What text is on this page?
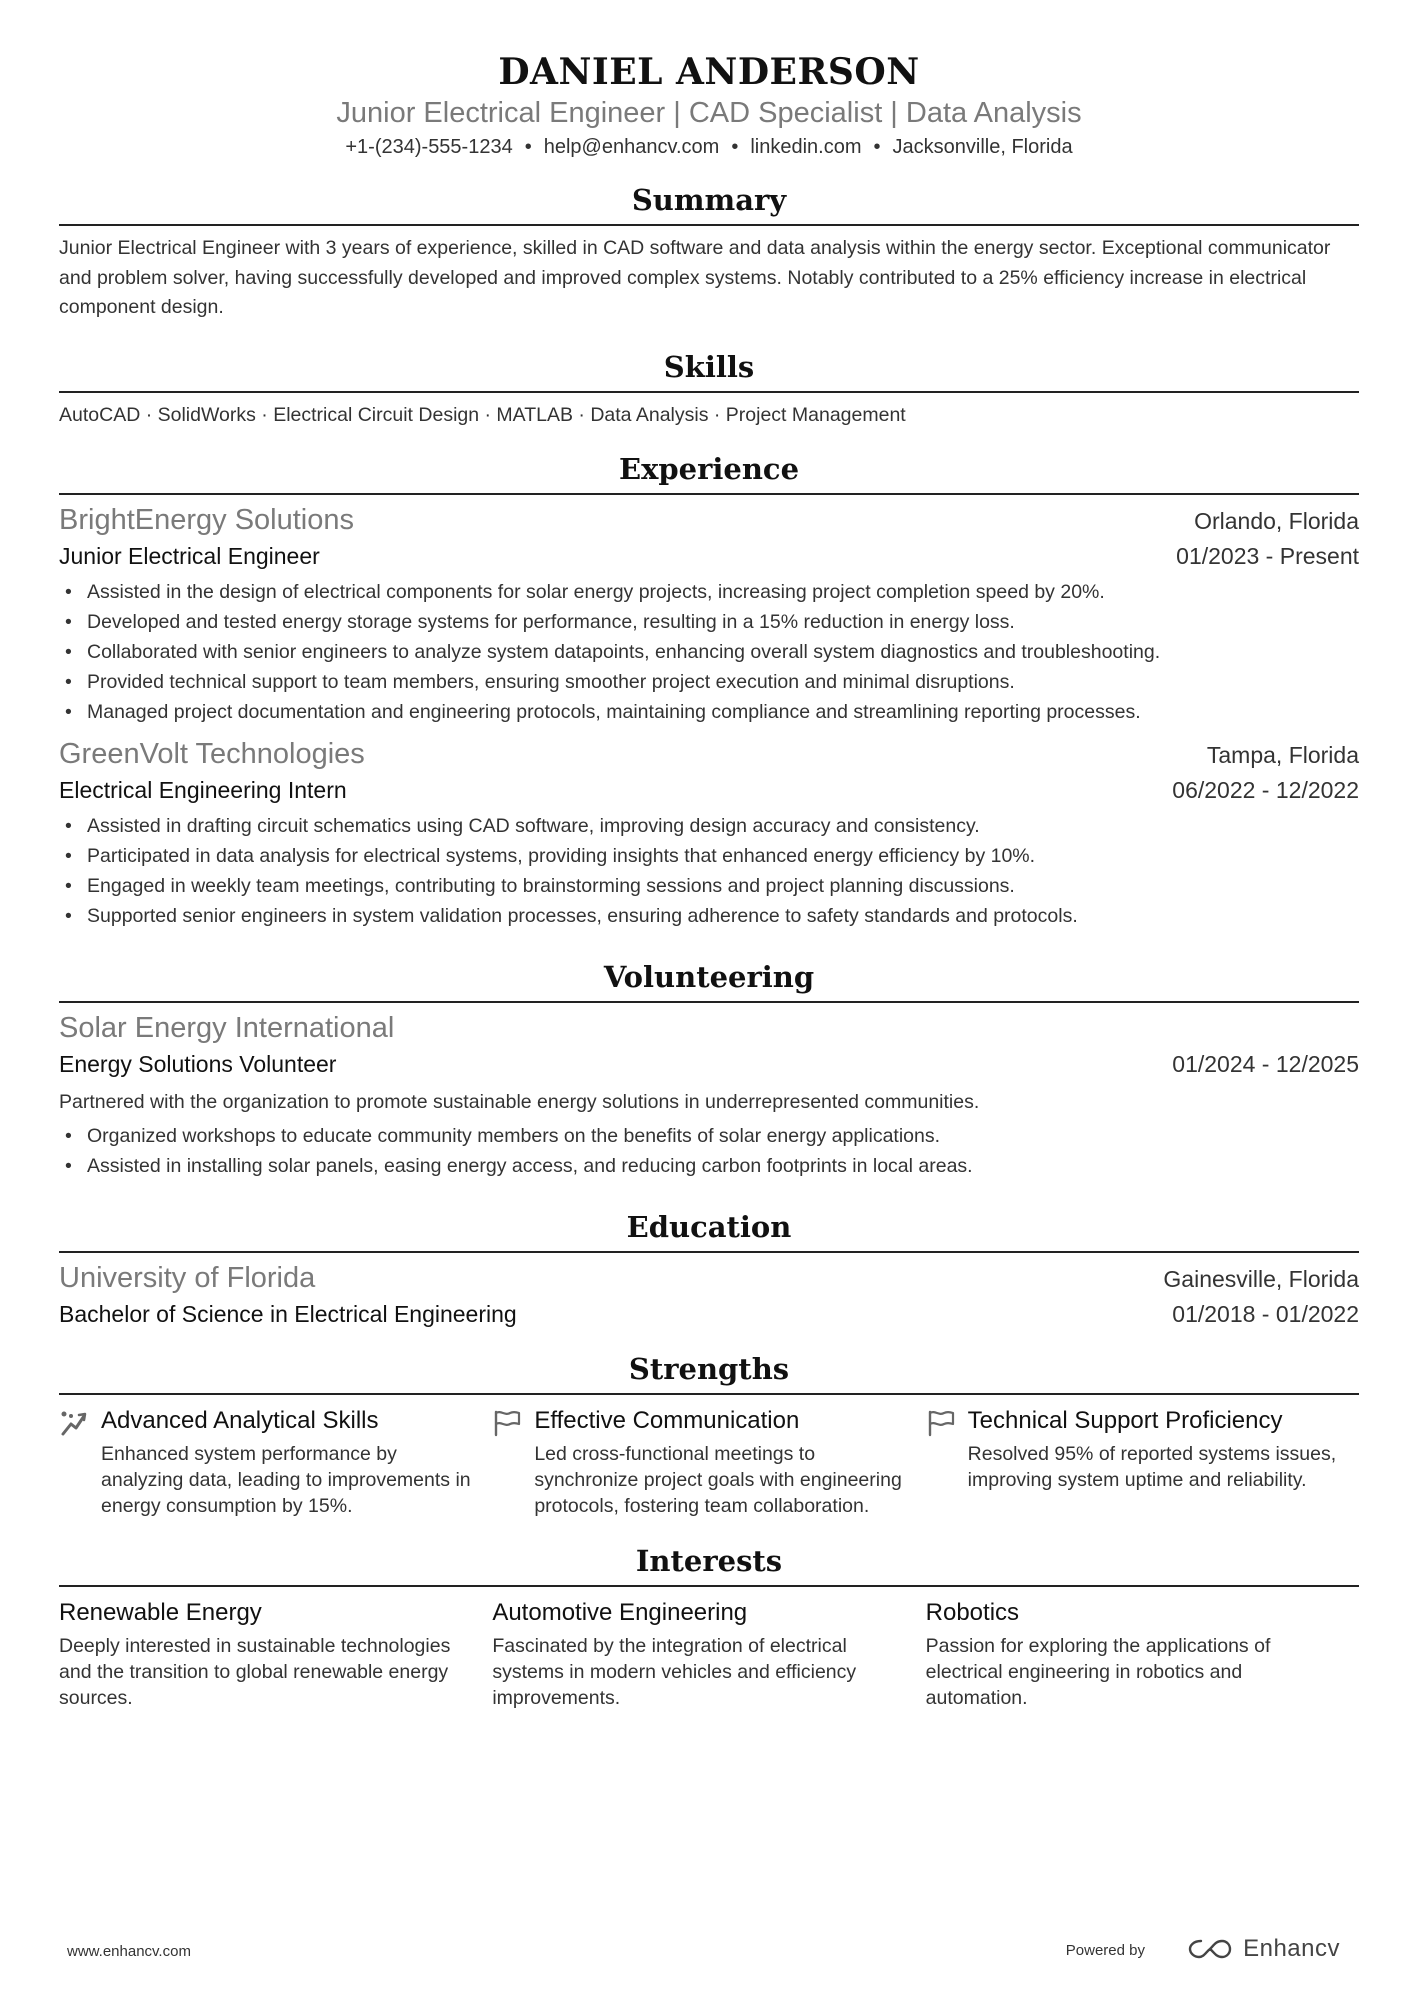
DANIEL ANDERSON
Junior Electrical Engineer | CAD Specialist | Data Analysis
+1-(234)-555-1234 • help@enhancv.com • linkedin.com • Jacksonville, Florida
Summary
Junior Electrical Engineer with 3 years of experience, skilled in CAD software and data analysis within the energy sector. Exceptional communicator and problem solver, having successfully developed and improved complex systems. Notably contributed to a 25% efficiency increase in electrical component design.
Skills
AutoCAD · SolidWorks · Electrical Circuit Design · MATLAB · Data Analysis · Project Management
Experience
BrightEnergy Solutions	Orlando, Florida
Junior Electrical Engineer	01/2023 - Present
• Assisted in the design of electrical components for solar energy projects, increasing project completion speed by 20%.
• Developed and tested energy storage systems for performance, resulting in a 15% reduction in energy loss.
• Collaborated with senior engineers to analyze system datapoints, enhancing overall system diagnostics and troubleshooting.
• Provided technical support to team members, ensuring smoother project execution and minimal disruptions.
• Managed project documentation and engineering protocols, maintaining compliance and streamlining reporting processes.
GreenVolt Technologies	Tampa, Florida
Electrical Engineering Intern	06/2022 - 12/2022
• Assisted in drafting circuit schematics using CAD software, improving design accuracy and consistency.
• Participated in data analysis for electrical systems, providing insights that enhanced energy efficiency by 10%.
• Engaged in weekly team meetings, contributing to brainstorming sessions and project planning discussions.
• Supported senior engineers in system validation processes, ensuring adherence to safety standards and protocols.
Volunteering
Solar Energy International
Energy Solutions Volunteer	01/2024 - 12/2025
Partnered with the organization to promote sustainable energy solutions in underrepresented communities.
• Organized workshops to educate community members on the benefits of solar energy applications.
• Assisted in installing solar panels, easing energy access, and reducing carbon footprints in local areas.
Education
University of Florida	Gainesville, Florida
Bachelor of Science in Electrical Engineering	01/2018 - 01/2022
Strengths
Advanced Analytical Skills
Enhanced system performance by analyzing data, leading to improvements in energy consumption by 15%.
Effective Communication
Led cross-functional meetings to synchronize project goals with engineering protocols, fostering team collaboration.
Technical Support Proficiency
Resolved 95% of reported systems issues, improving system uptime and reliability.
Interests
Renewable Energy
Deeply interested in sustainable technologies and the transition to global renewable energy sources.
Automotive Engineering
Fascinated by the integration of electrical systems in modern vehicles and efficiency improvements.
Robotics
Passion for exploring the applications of electrical engineering in robotics and automation.
www.enhancv.com	Powered by	Enhancv
